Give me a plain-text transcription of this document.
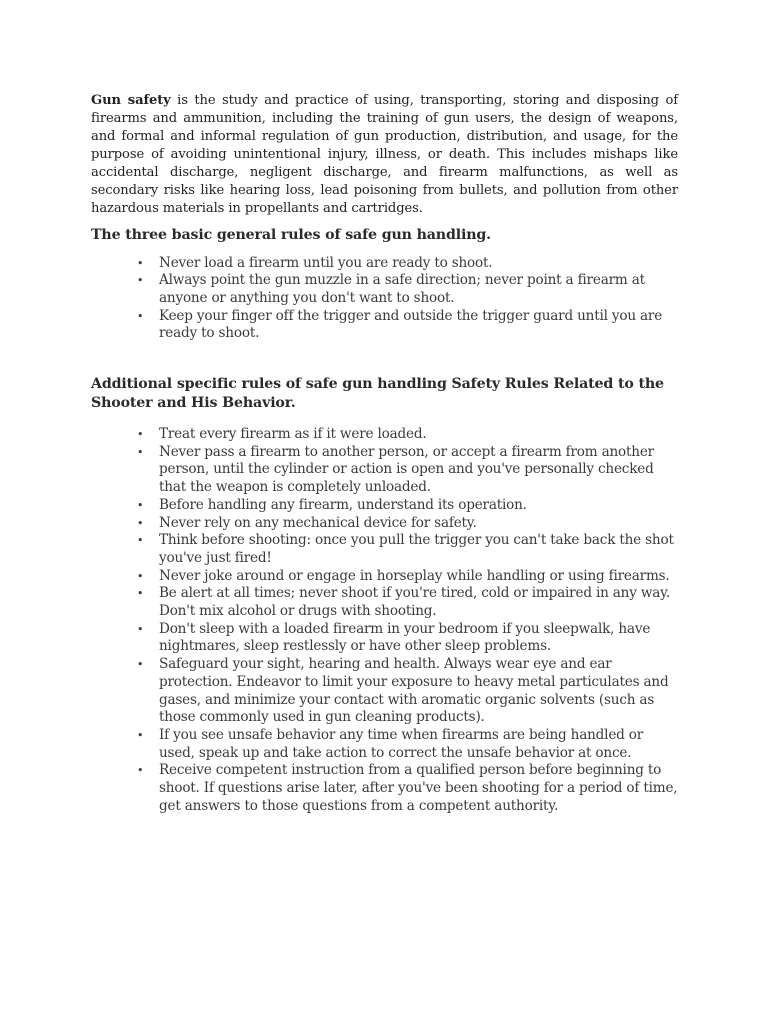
Gun safety is the study and practice of using, transporting, storing and disposing of firearms and ammunition, including the training of gun users, the design of weapons, and formal and informal regulation of gun production, distribution, and usage, for the purpose of avoiding unintentional injury, illness, or death. This includes mishaps like accidental discharge, negligent discharge, and firearm malfunctions, as well as secondary risks like hearing loss, lead poisoning from bullets, and pollution from other hazardous materials in propellants and cartridges.

The three basic general rules of safe gun handling.
• Never load a firearm until you are ready to shoot.
• Always point the gun muzzle in a safe direction; never point a firearm at anyone or anything you don't want to shoot.
• Keep your finger off the trigger and outside the trigger guard until you are ready to shoot.
Additional specific rules of safe gun handling Safety Rules Related to the Shooter and His Behavior.
• Treat every firearm as if it were loaded.
• Never pass a firearm to another person, or accept a firearm from another person, until the cylinder or action is open and you've personally checked that the weapon is completely unloaded.
• Before handling any firearm, understand its operation.
• Never rely on any mechanical device for safety.
• Think before shooting: once you pull the trigger you can't take back the shot you've just fired!
• Never joke around or engage in horseplay while handling or using firearms.
• Be alert at all times; never shoot if you're tired, cold or impaired in any way. Don't mix alcohol or drugs with shooting.
• Don't sleep with a loaded firearm in your bedroom if you sleepwalk, have nightmares, sleep restlessly or have other sleep problems.
• Safeguard your sight, hearing and health. Always wear eye and ear protection. Endeavor to limit your exposure to heavy metal particulates and gases, and minimize your contact with aromatic organic solvents (such as those commonly used in gun cleaning products).
• If you see unsafe behavior any time when firearms are being handled or used, speak up and take action to correct the unsafe behavior at once.
• Receive competent instruction from a qualified person before beginning to shoot. If questions arise later, after you've been shooting for a period of time, get answers to those questions from a competent authority.
